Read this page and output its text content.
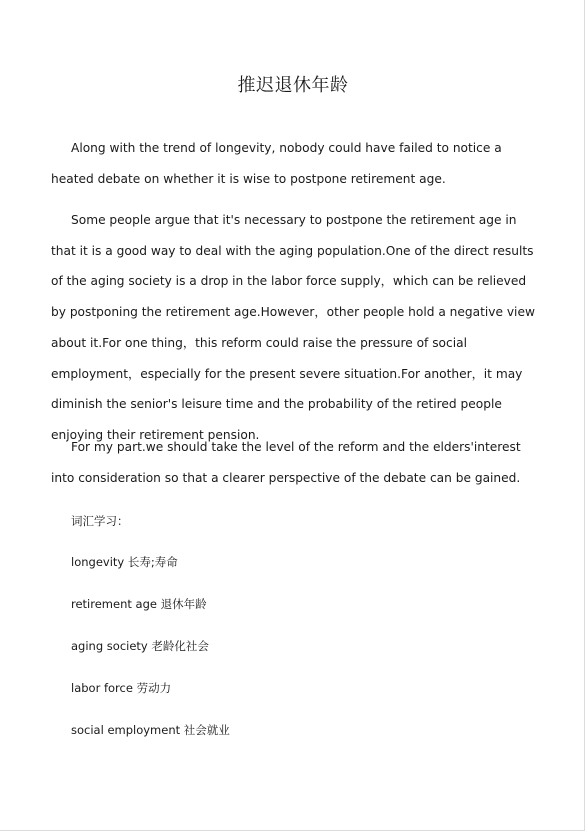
推迟退休年龄

Along with the trend of longevity, nobody could have failed to notice a heated debate on whether it is wise to postpone retirement age.

Some people argue that it's necessary to postpone the retirement age in that it is a good way to deal with the aging population.One of the direct results of the aging society is a drop in the labor force supply，which can be relieved by postponing the retirement age.However，other people hold a negative view about it.For one thing，this reform could raise the pressure of social employment，especially for the present severe situation.For another，it may diminish the senior's leisure time and the probability of the retired people enjoying their retirement pension.

For my part.we should take the level of the reform and the elders'interest into consideration so that a clearer perspective of the debate can be gained.

词汇学习：
longevity 长寿;寿命
retirement age 退休年龄
aging society 老龄化社会
labor force 劳动力
social employment 社会就业
